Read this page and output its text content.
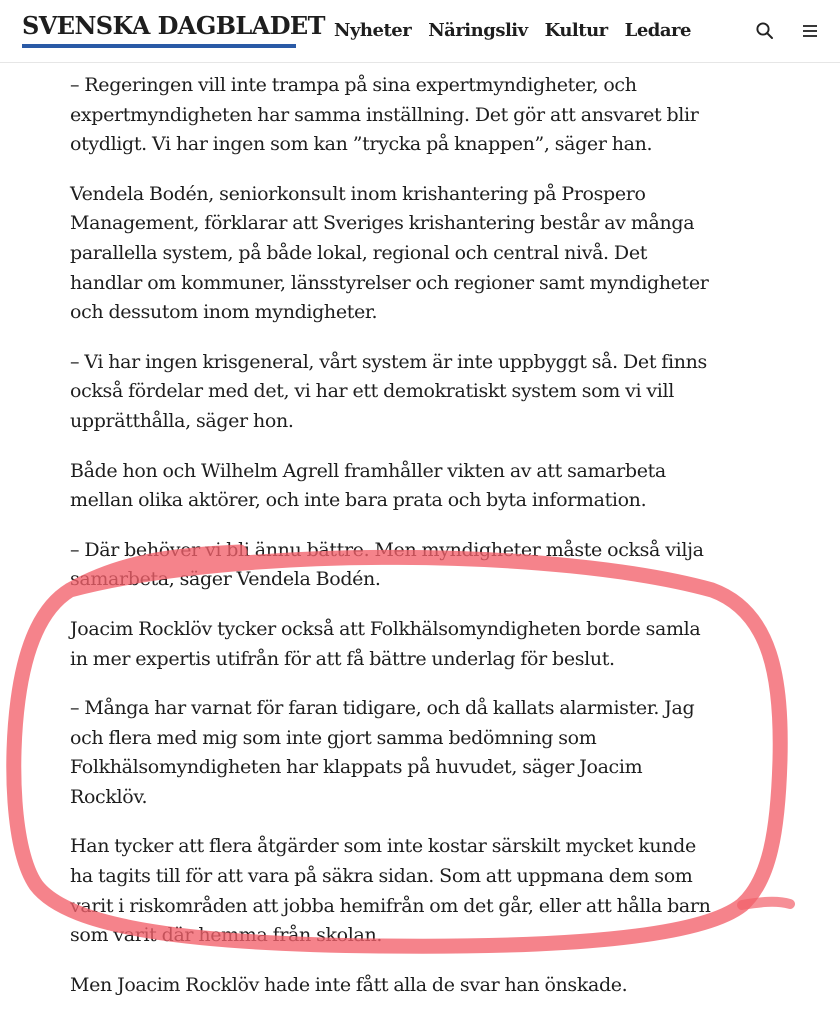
SVENSKA DAGBLADET Nyheter Näringsliv Kultur Ledare

– Regeringen vill inte trampa på sina expertmyndigheter, och expertmyndigheten har samma inställning. Det gör att ansvaret blir otydligt. Vi har ingen som kan ”trycka på knappen”, säger han.

Vendela Bodén, seniorkonsult inom krishantering på Prospero Management, förklarar att Sveriges krishantering består av många parallella system, på både lokal, regional och central nivå. Det handlar om kommuner, länsstyrelser och regioner samt myndigheter och dessutom inom myndigheter.

– Vi har ingen krisgeneral, vårt system är inte uppbyggt så. Det finns också fördelar med det, vi har ett demokratiskt system som vi vill upprätthålla, säger hon.

Både hon och Wilhelm Agrell framhåller vikten av att samarbeta mellan olika aktörer, och inte bara prata och byta information.

– Där behöver vi bli ännu bättre. Men myndigheter måste också vilja samarbeta, säger Vendela Bodén.

Joacim Rocklöv tycker också att Folkhälsomyndigheten borde samla in mer expertis utifrån för att få bättre underlag för beslut.

– Många har varnat för faran tidigare, och då kallats alarmister. Jag och flera med mig som inte gjort samma bedömning som Folkhälsomyndigheten har klappats på huvudet, säger Joacim Rocklöv.

Han tycker att flera åtgärder som inte kostar särskilt mycket kunde ha tagits till för att vara på säkra sidan. Som att uppmana dem som varit i riskområden att jobba hemifrån om det går, eller att hålla barn som varit där hemma från skolan.

Men Joacim Rocklöv hade inte fått alla de svar han önskade.
